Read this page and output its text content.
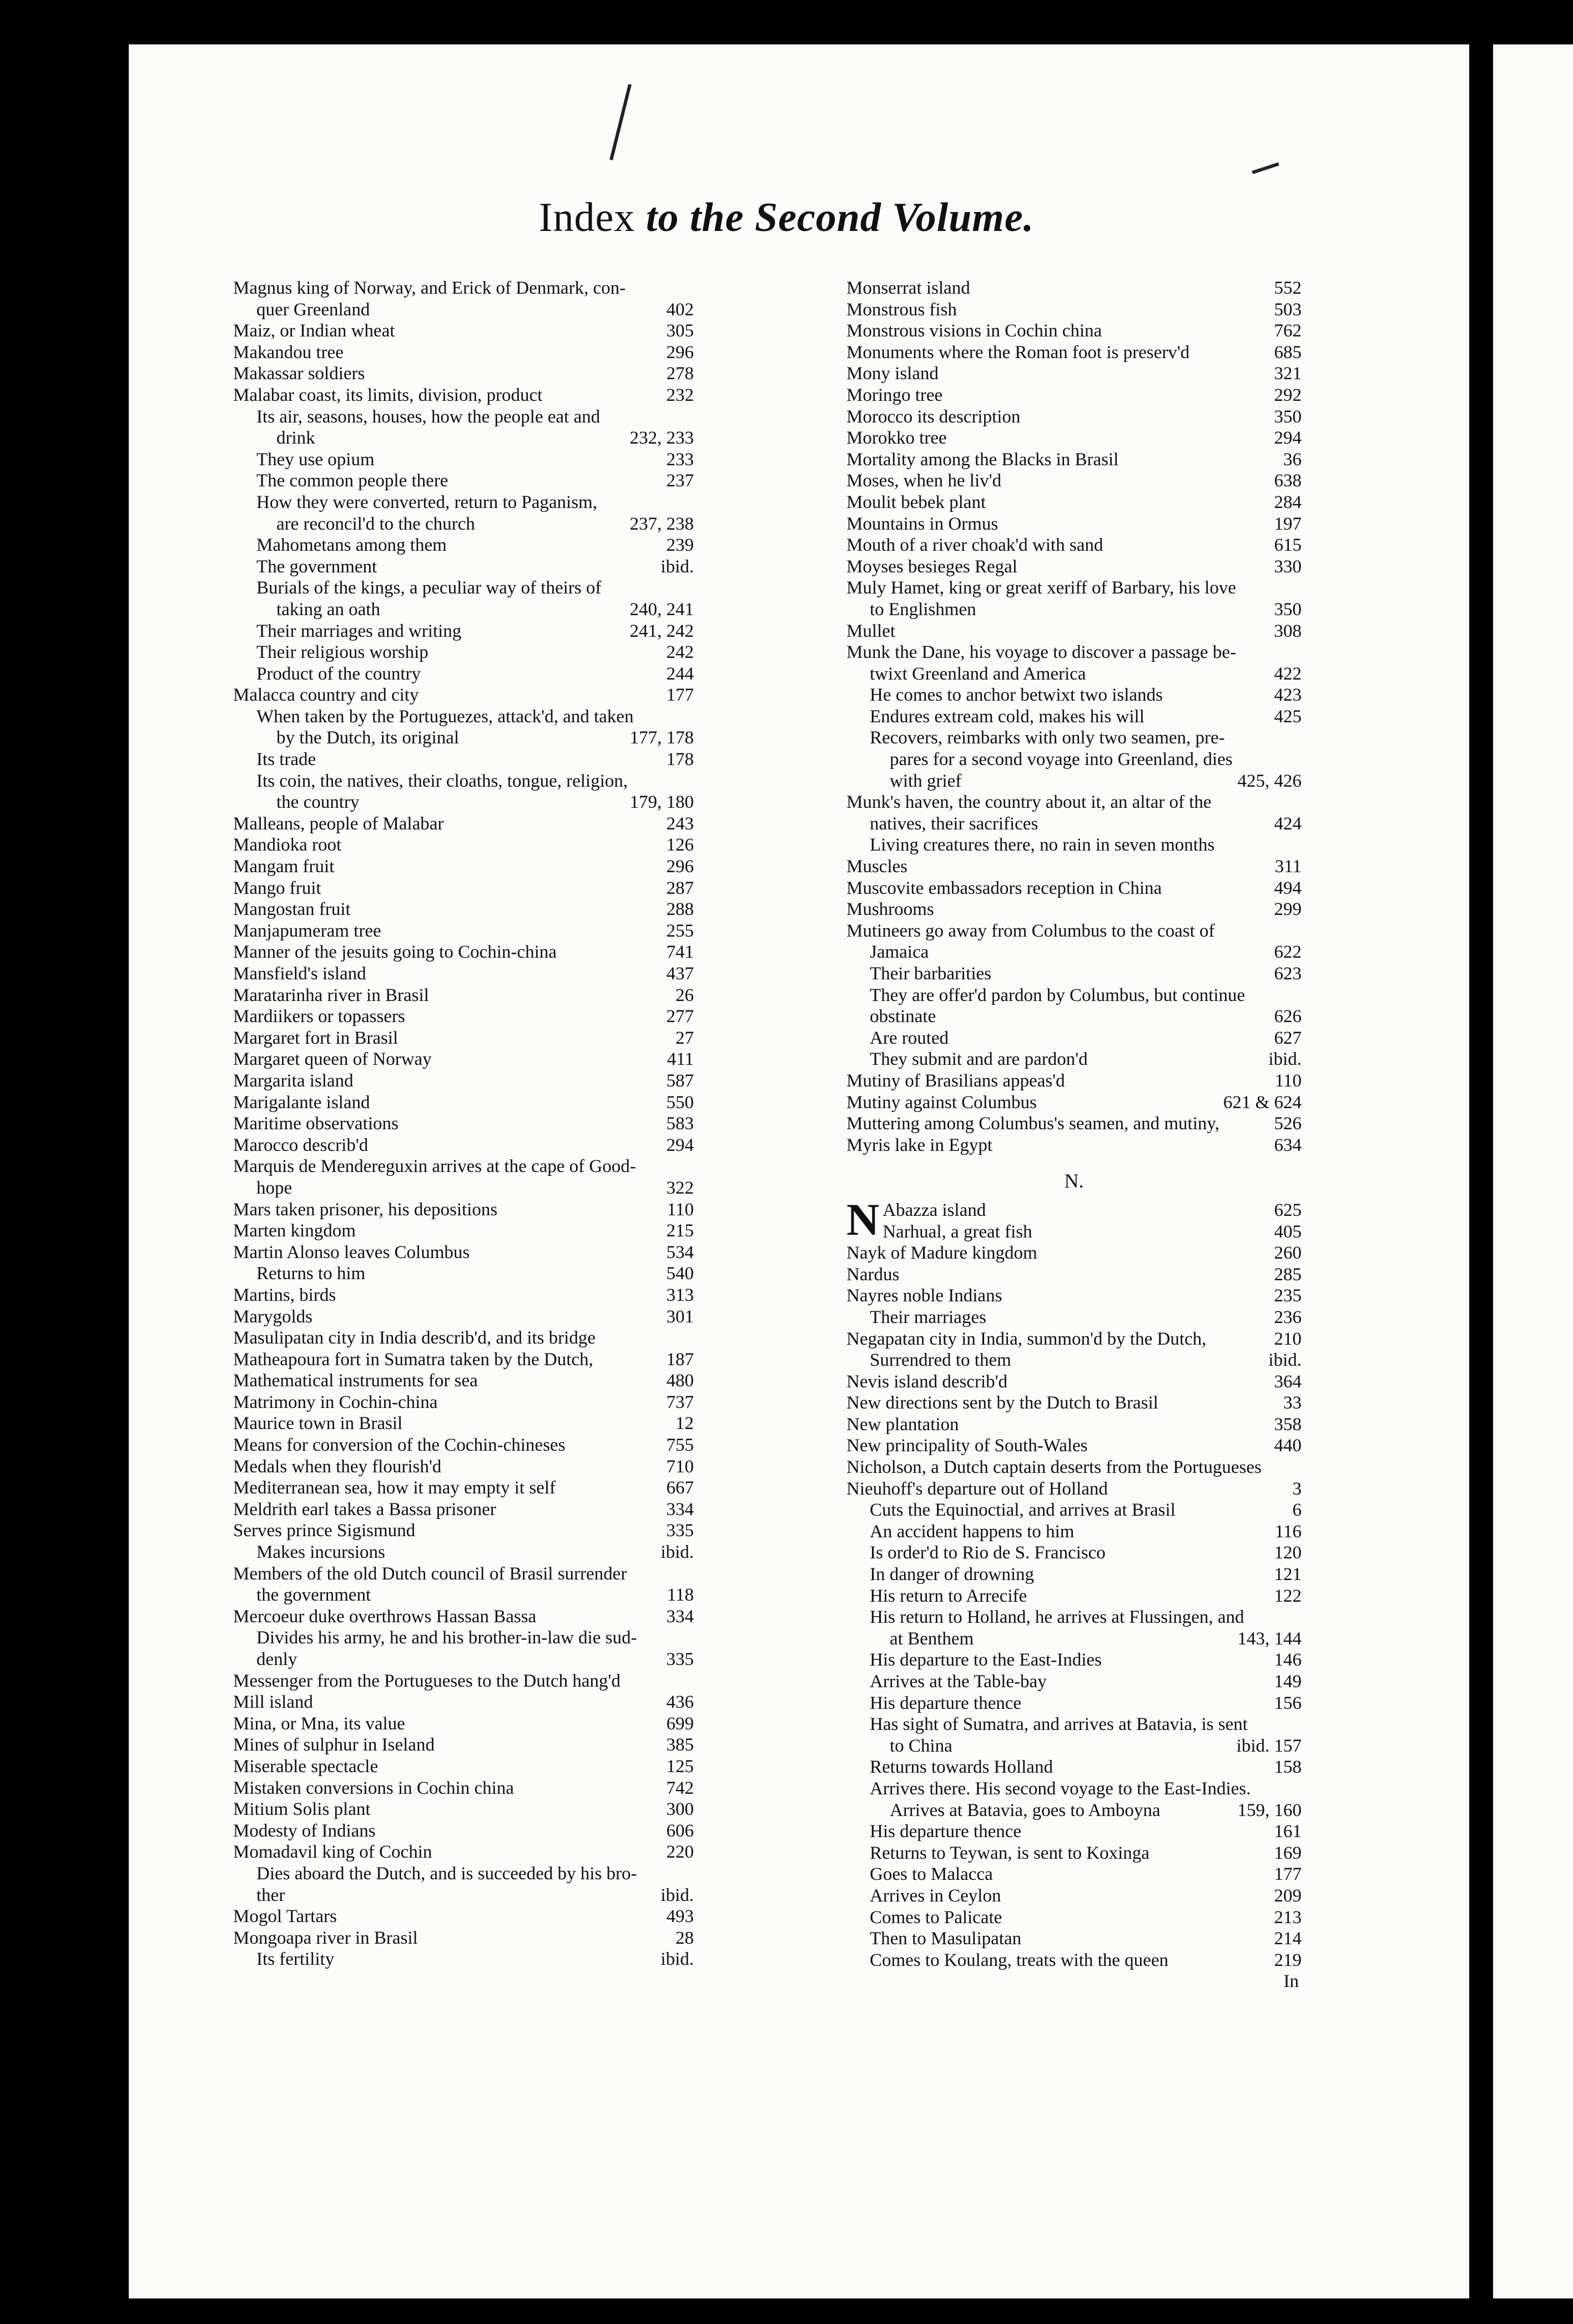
Index to the Second Volume.
Magnus king of Norway, and Erick of Denmark, con-
quer Greenland	402
Maiz, or Indian wheat	305
Makandou tree	296
Makassar soldiers	278
Malabar coast, its limits, division, product	232
Its air, seasons, houses, how the people eat and
drink	232, 233
They use opium	233
The common people there	237
How they were converted, return to Paganism,
are reconcil'd to the church	237, 238
Mahometans among them	239
The government	ibid.
Burials of the kings, a peculiar way of theirs of
taking an oath	240, 241
Their marriages and writing	241, 242
Their religious worship	242
Product of the country	244
Malacca country and city	177
When taken by the Portuguezes, attack'd, and taken
by the Dutch, its original	177, 178
Its trade	178
Its coin, the natives, their cloaths, tongue, religion,
the country	179, 180
Malleans, people of Malabar	243
Mandioka root	126
Mangam fruit	296
Mango fruit	287
Mangostan fruit	288
Manjapumeram tree	255
Manner of the jesuits going to Cochin-china	741
Mansfield's island	437
Maratarinha river in Brasil	26
Mardiikers or topassers	277
Margaret fort in Brasil	27
Margaret queen of Norway	411
Margarita island	587
Marigalante island	550
Maritime observations	583
Marocco describ'd	294
Marquis de Mendereguxin arrives at the cape of Good-
hope	322
Mars taken prisoner, his depositions	110
Marten kingdom	215
Martin Alonso leaves Columbus	534
Returns to him	540
Martins, birds	313
Marygolds	301
Masulipatan city in India describ'd, and its bridge
Matheapoura fort in Sumatra taken by the Dutch,	187
Mathematical instruments for sea	480
Matrimony in Cochin-china	737
Maurice town in Brasil	12
Means for conversion of the Cochin-chineses	755
Medals when they flourish'd	710
Mediterranean sea, how it may empty it self	667
Meldrith earl takes a Bassa prisoner	334
Serves prince Sigismund	335
Makes incursions	ibid.
Members of the old Dutch council of Brasil surrender
the government	118
Mercoeur duke overthrows Hassan Bassa	334
Divides his army, he and his brother-in-law die sud-
denly	335
Messenger from the Portugueses to the Dutch hang'd
Mill island	436
Mina, or Mna, its value	699
Mines of sulphur in Iseland	385
Miserable spectacle	125
Mistaken conversions in Cochin china	742
Mitium Solis plant	300
Modesty of Indians	606
Momadavil king of Cochin	220
Dies aboard the Dutch, and is succeeded by his bro-
ther	ibid.
Mogol Tartars	493
Mongoapa river in Brasil	28
Its fertility	ibid.
Monserrat island	552
Monstrous fish	503
Monstrous visions in Cochin china	762
Monuments where the Roman foot is preserv'd	685
Mony island	321
Moringo tree	292
Morocco its description	350
Morokko tree	294
Mortality among the Blacks in Brasil	36
Moses, when he liv'd	638
Moulit bebek plant	284
Mountains in Ormus	197
Mouth of a river choak'd with sand	615
Moyses besieges Regal	330
Muly Hamet, king or great xeriff of Barbary, his love
to Englishmen	350
Mullet	308
Munk the Dane, his voyage to discover a passage be-
twixt Greenland and America	422
He comes to anchor betwixt two islands	423
Endures extream cold, makes his will	425
Recovers, reimbarks with only two seamen, pre-
pares for a second voyage into Greenland, dies
with grief	425, 426
Munk's haven, the country about it, an altar of the
natives, their sacrifices	424
Living creatures there, no rain in seven months
Muscles	311
Muscovite embassadors reception in China	494
Mushrooms	299
Mutineers go away from Columbus to the coast of
Jamaica	622
Their barbarities	623
They are offer'd pardon by Columbus, but continue
obstinate	626
Are routed	627
They submit and are pardon'd	ibid.
Mutiny of Brasilians appeas'd	110
Mutiny against Columbus	621 & 624
Muttering among Columbus's seamen, and mutiny,	526
Myris lake in Egypt	634
N.
N Abazza island	625
Narhual, a great fish	405
Nayk of Madure kingdom	260
Nardus	285
Nayres noble Indians	235
Their marriages	236
Negapatan city in India, summon'd by the Dutch,	210
Surrendred to them	ibid.
Nevis island describ'd	364
New directions sent by the Dutch to Brasil	33
New plantation	358
New principality of South-Wales	440
Nicholson, a Dutch captain deserts from the Portugueses
Nieuhoff's departure out of Holland	3
Cuts the Equinoctial, and arrives at Brasil	6
An accident happens to him	116
Is order'd to Rio de S. Francisco	120
In danger of drowning	121
His return to Arrecife	122
His return to Holland, he arrives at Flussingen, and
at Benthem	143, 144
His departure to the East-Indies	146
Arrives at the Table-bay	149
His departure thence	156
Has sight of Sumatra, and arrives at Batavia, is sent
to China	ibid. 157
Returns towards Holland	158
Arrives there. His second voyage to the East-Indies.
Arrives at Batavia, goes to Amboyna	159, 160
His departure thence	161
Returns to Teywan, is sent to Koxinga	169
Goes to Malacca	177
Arrives in Ceylon	209
Comes to Palicate	213
Then to Masulipatan	214
Comes to Koulang, treats with the queen	219
In
